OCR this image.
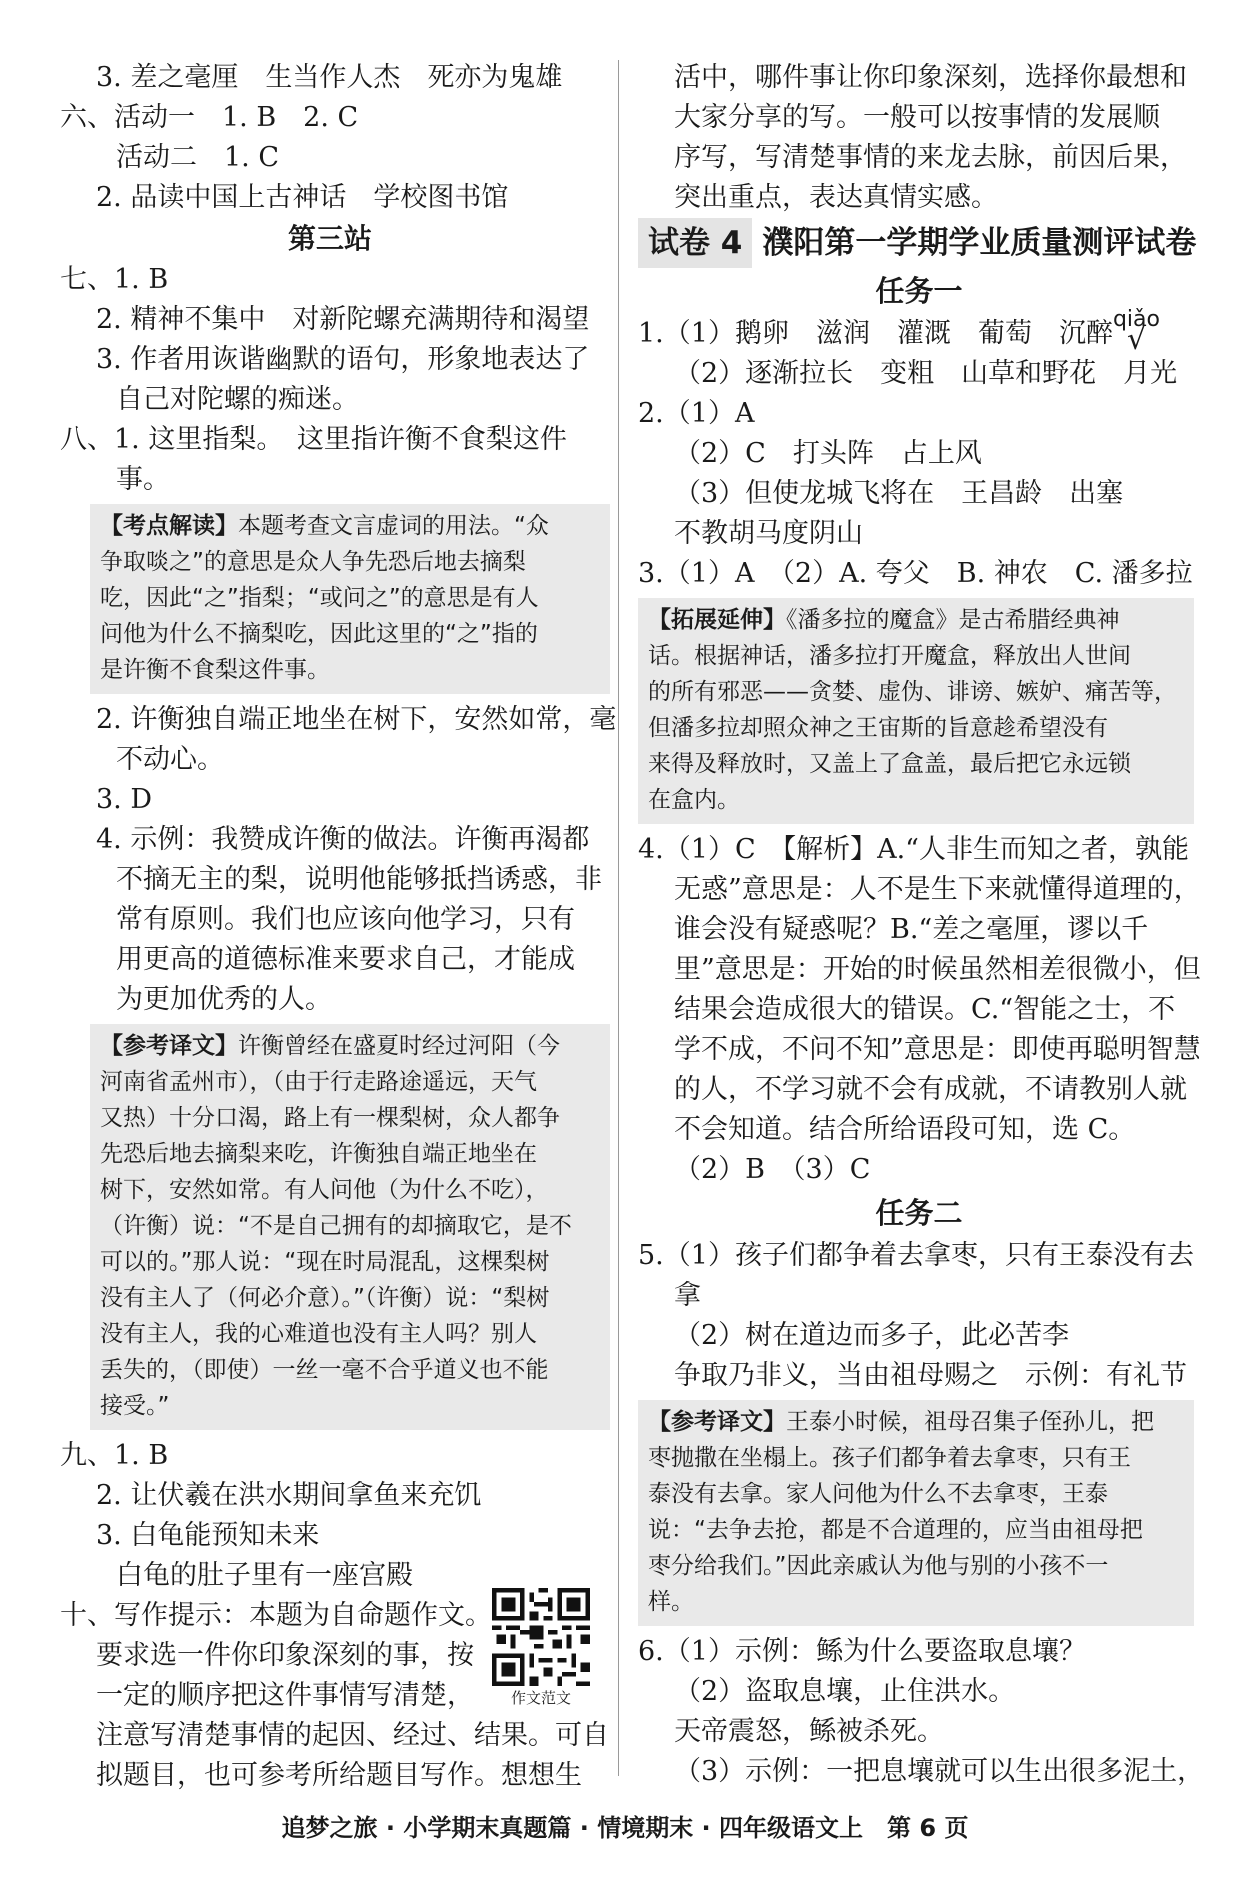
3. 差之毫厘　生当作人杰　死亦为鬼雄
六、活动一　1. B　2. C
活动二　1. C
2. 品读中国上古神话　学校图书馆
第三站
七、1. B
2. 精神不集中　对新陀螺充满期待和渴望
3. 作者用诙谐幽默的语句，形象地表达了
自己对陀螺的痴迷。
八、1. 这里指梨。　这里指许衡不食梨这件
事。
【考点解读】本题考查文言虚词的用法。“众
争取啖之”的意思是众人争先恐后地去摘梨
吃，因此“之”指梨；“或问之”的意思是有人
问他为什么不摘梨吃，因此这里的“之”指的
是许衡不食梨这件事。
2. 许衡独自端正地坐在树下，安然如常，毫
不动心。
3. D
4. 示例：我赞成许衡的做法。许衡再渴都
不摘无主的梨，说明他能够抵挡诱惑，非
常有原则。我们也应该向他学习，只有
用更高的道德标准来要求自己，才能成
为更加优秀的人。
【参考译文】许衡曾经在盛夏时经过河阳（今
河南省孟州市），（由于行走路途遥远，天气
又热）十分口渴，路上有一棵梨树，众人都争
先恐后地去摘梨来吃，许衡独自端正地坐在
树下，安然如常。有人问他（为什么不吃），
（许衡）说：“不是自己拥有的却摘取它，是不
可以的。”那人说：“现在时局混乱，这棵梨树
没有主人了（何必介意）。”（许衡）说：“梨树
没有主人，我的心难道也没有主人吗？别人
丢失的，（即使）一丝一毫不合乎道义也不能
接受。”
九、1. B
2. 让伏羲在洪水期间拿鱼来充饥
3. 白龟能预知未来
白龟的肚子里有一座宫殿
十、写作提示：本题为自命题作文。
要求选一件你印象深刻的事，按
一定的顺序把这件事情写清楚，
注意写清楚事情的起因、经过、结果。可自
拟题目，也可参考所给题目写作。想想生
活中，哪件事让你印象深刻，选择你最想和
大家分享的写。一般可以按事情的发展顺
序写，写清楚事情的来龙去脉，前因后果，
突出重点，表达真情实感。
试卷 4 濮阳第一学期学业质量测评试卷
任务一
1.（1）鹅卵　滋润　灌溉　葡萄　沉醉 qiǎo
√
（2）逐渐拉长　变粗　山草和野花　月光
2.（1）A
（2）C　打头阵　占上风
（3）但使龙城飞将在　王昌龄　出塞
不教胡马度阴山
3.（1）A　（2）A. 夸父　B. 神农　C. 潘多拉
【拓展延伸】《潘多拉的魔盒》是古希腊经典神
话。根据神话，潘多拉打开魔盒，释放出人世间
的所有邪恶——贪婪、虚伪、诽谤、嫉妒、痛苦等，
但潘多拉却照众神之王宙斯的旨意趁希望没有
来得及释放时，又盖上了盒盖，最后把它永远锁
在盒内。
4.（1）C　【解析】A.“人非生而知之者，孰能
无惑”意思是：人不是生下来就懂得道理的，
谁会没有疑惑呢？B.“差之毫厘，谬以千
里”意思是：开始的时候虽然相差很微小，但
结果会造成很大的错误。C.“智能之士，不
学不成，不问不知”意思是：即使再聪明智慧
的人，不学习就不会有成就，不请教别人就
不会知道。结合所给语段可知，选 C。
（2）B　（3）C
任务二
5.（1）孩子们都争着去拿枣，只有王泰没有去
拿
（2）树在道边而多子，此必苦李
争取乃非义，当由祖母赐之　示例：有礼节
【参考译文】王泰小时候，祖母召集子侄孙儿，把
枣抛撒在坐榻上。孩子们都争着去拿枣，只有王
泰没有去拿。家人问他为什么不去拿枣，王泰
说：“去争去抢，都是不合道理的，应当由祖母把
枣分给我们。”因此亲戚认为他与别的小孩不一
样。
6.（1）示例：鲧为什么要盗取息壤？
（2）盗取息壤，止住洪水。
天帝震怒，鲧被杀死。
（3）示例：一把息壤就可以生出很多泥土，
作文范文
追梦之旅 · 小学期末真题篇 · 情境期末 · 四年级语文上　第 6 页
